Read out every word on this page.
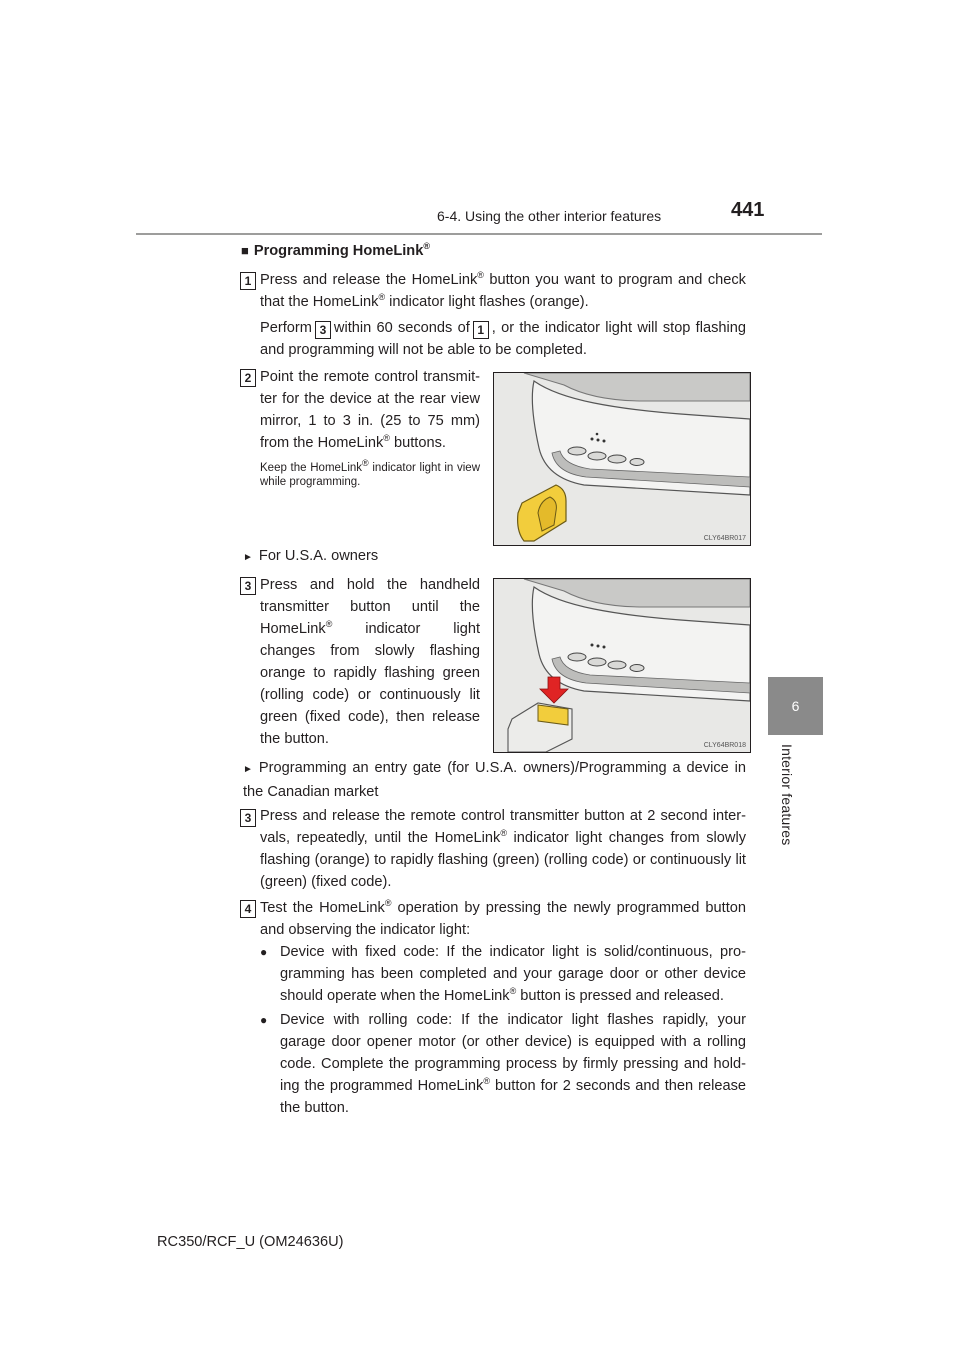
6-4. Using the other interior features	441
6
Interior features
■ Programming HomeLink®
1 Press and release the HomeLink® button you want to program and check that the HomeLink® indicator light flashes (orange).
Perform 3 within 60 seconds of 1 , or the indicator light will stop flashing and programming will not be able to be completed.
2 Point the remote control transmit-ter for the device at the rear view mirror, 1 to 3 in. (25 to 75 mm) from the HomeLink® buttons.
Keep the HomeLink® indicator light in view while programming.
CLY64BR017
► For U.S.A. owners
3 Press and hold the handheld transmitter button until the HomeLink® indicator light changes from slowly flashing orange to rapidly flashing green (rolling code) or continuously lit green (fixed code), then release the button.	CLY64BR018
► Programming an entry gate (for U.S.A. owners)/Programming a device in the Canadian market
3 Press and release the remote control transmitter button at 2 second inter-vals, repeatedly, until the HomeLink® indicator light changes from slowly flashing (orange) to rapidly flashing (green) (rolling code) or continuously lit (green) (fixed code).
4 Test the HomeLink® operation by pressing the newly programmed button and observing the indicator light:
● Device with fixed code: If the indicator light is solid/continuous, pro-gramming has been completed and your garage door or other device should operate when the HomeLink® button is pressed and released.
● Device with rolling code: If the indicator light flashes rapidly, your garage door opener motor (or other device) is equipped with a rolling code. Complete the programming process by firmly pressing and hold-ing the programmed HomeLink® button for 2 seconds and then release the button.
RC350/RCF_U (OM24636U)
